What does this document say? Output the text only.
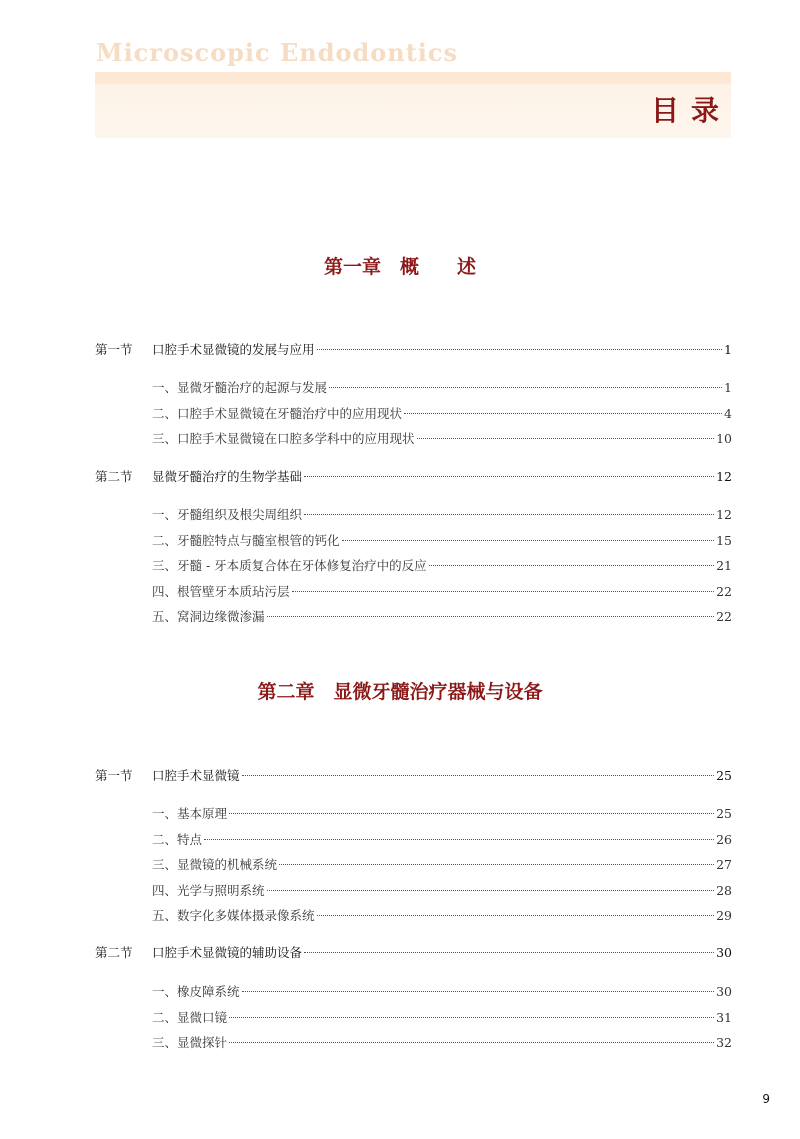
Microscopic Endodontics
目录
第一章　概　　述
第一节	口腔手术显微镜的发展与应用	1
一、显微牙髓治疗的起源与发展	1
二、口腔手术显微镜在牙髓治疗中的应用现状	4
三、口腔手术显微镜在口腔多学科中的应用现状	10
第二节	显微牙髓治疗的生物学基础	12
一、牙髓组织及根尖周组织	12
二、牙髓腔特点与髓室根管的钙化	15
三、牙髓 - 牙本质复合体在牙体修复治疗中的反应	21
四、根管壁牙本质玷污层	22
五、窝洞边缘微渗漏	22
第二章　显微牙髓治疗器械与设备
第一节	口腔手术显微镜	25
一、基本原理	25
二、特点	26
三、显微镜的机械系统	27
四、光学与照明系统	28
五、数字化多媒体摄录像系统	29
第二节	口腔手术显微镜的辅助设备	30
一、橡皮障系统	30
二、显微口镜	31
三、显微探针	32
9
